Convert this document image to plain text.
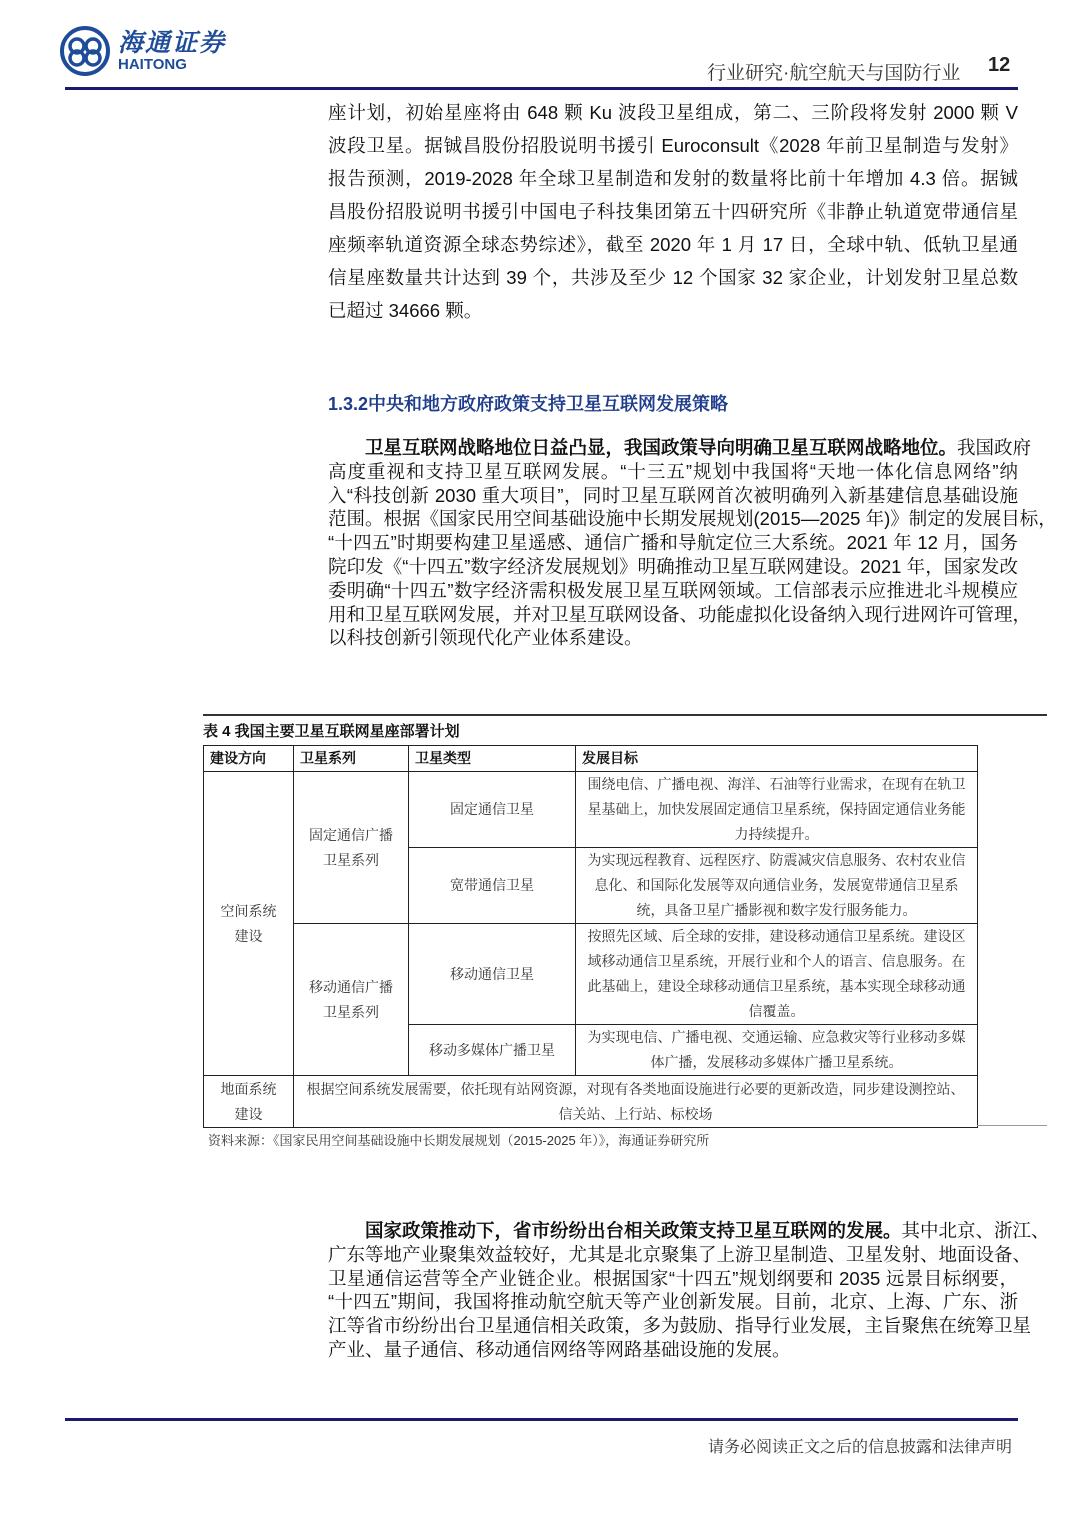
海通证券
HAITONG	行业研究·航空航天与国防行业 12
座计划，初始星座将由 648 颗 Ku 波段卫星组成，第二、三阶段将发射 2000 颗 V
波段卫星。据铖昌股份招股说明书援引 Euroconsult《2028 年前卫星制造与发射》
报告预测，2019-2028 年全球卫星制造和发射的数量将比前十年增加 4.3 倍。据铖
昌股份招股说明书援引中国电子科技集团第五十四研究所《非静止轨道宽带通信星
座频率轨道资源全球态势综述》，截至 2020 年 1 月 17 日，全球中轨、低轨卫星通
信星座数量共计达到 39 个，共涉及至少 12 个国家 32 家企业，计划发射卫星总数
已超过 34666 颗。
1.3.2中央和地方政府政策支持卫星互联网发展策略
卫星互联网战略地位日益凸显，我国政策导向明确卫星互联网战略地位。我国政府
高度重视和支持卫星互联网发展。“十三五”规划中我国将“天地一体化信息网络”纳
入“科技创新 2030 重大项目”，同时卫星互联网首次被明确列入新基建信息基础设施
范围。根据《国家民用空间基础设施中长期发展规划(2015—2025 年)》制定的发展目标，
“十四五”时期要构建卫星遥感、通信广播和导航定位三大系统。2021 年 12 月，国务
院印发《“十四五”数字经济发展规划》明确推动卫星互联网建设。2021 年，国家发改
委明确“十四五”数字经济需积极发展卫星互联网领域。工信部表示应推进北斗规模应
用和卫星互联网发展，并对卫星互联网设备、功能虚拟化设备纳入现行进网许可管理，
以科技创新引领现代化产业体系建设。
表 4 我国主要卫星互联网星座部署计划
建设方向	卫星系列	卫星类型	发展目标
空间系统建设	固定通信广播卫星系列	固定通信卫星	围绕电信、广播电视、海洋、石油等行业需求，在现有在轨卫星基础上，加快发展固定通信卫星系统，保持固定通信业务能力持续提升。
		宽带通信卫星	为实现远程教育、远程医疗、防震减灾信息服务、农村农业信息化、和国际化发展等双向通信业务，发展宽带通信卫星系统，具备卫星广播影视和数字发行服务能力。
	移动通信广播卫星系列	移动通信卫星	按照先区域、后全球的安排，建设移动通信卫星系统。建设区域移动通信卫星系统，开展行业和个人的语言、信息服务。在此基础上，建设全球移动通信卫星系统，基本实现全球移动通信覆盖。
		移动多媒体广播卫星	为实现电信、广播电视、交通运输、应急救灾等行业移动多媒体广播，发展移动多媒体广播卫星系统。
地面系统建设	根据空间系统发展需要，依托现有站网资源，对现有各类地面设施进行必要的更新改造，同步建设测控站、信关站、上行站、标校场		
资料来源：《国家民用空间基础设施中长期发展规划（2015-2025 年）》，海通证券研究所
国家政策推动下，省市纷纷出台相关政策支持卫星互联网的发展。其中北京、浙江、
广东等地产业聚集效益较好，尤其是北京聚集了上游卫星制造、卫星发射、地面设备、
卫星通信运营等全产业链企业。根据国家“十四五”规划纲要和 2035 远景目标纲要，
“十四五”期间，我国将推动航空航天等产业创新发展。目前，北京、上海、广东、浙
江等省市纷纷出台卫星通信相关政策，多为鼓励、指导行业发展，主旨聚焦在统筹卫星
产业、量子通信、移动通信网络等网路基础设施的发展。
请务必阅读正文之后的信息披露和法律声明
